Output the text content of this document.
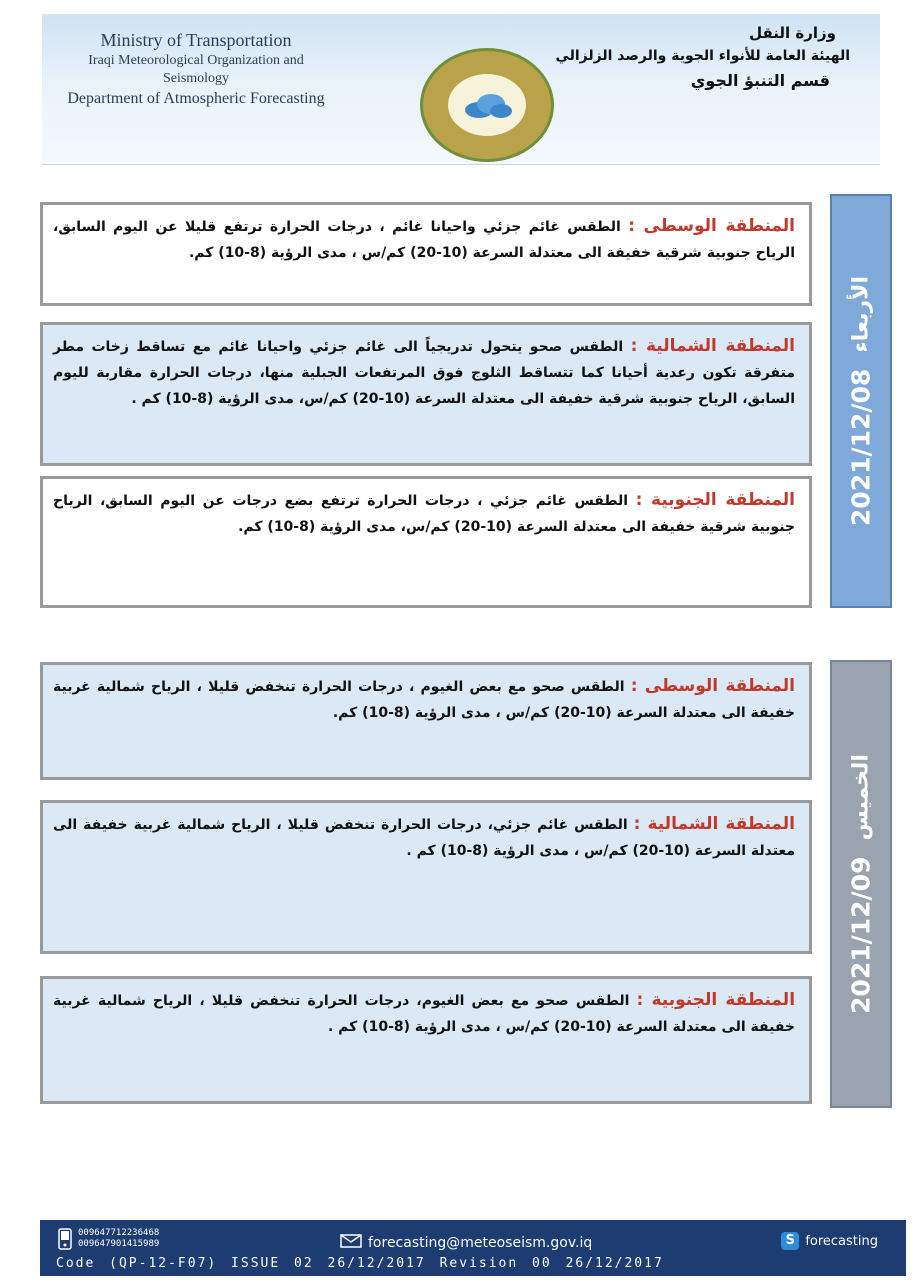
Ministry of Transportation
Iraqi Meteorological Organization and Seismology
Department of Atmospheric Forecasting
وزارة النقل
الهيئة العامة للأنواء الجوية والرصد الزلزالي
قسم التنبؤ الجوي
2021/12/08
الأربعاء
المنطقة الوسطى : الطقس غائم جزئي واحيانا غائم ، درجات الحرارة ترتفع قليلا عن اليوم السابق، الرياح جنوبية شرقية خفيفة الى معتدلة السرعة (10-20) كم/س ، مدى الرؤية (8-10) كم.
المنطقة الشمالية : الطقس صحو يتحول تدريجياً الى غائم جزئي واحيانا غائم مع تساقط زخات مطر متفرقة تكون رعدية أحيانا كما تتساقط الثلوج فوق المرتفعات الجبلية منها، درجات الحرارة مقاربة لليوم السابق، الرياح جنوبية شرقية خفيفة الى معتدلة السرعة (10-20) كم/س، مدى الرؤية (8-10) كم .
المنطقة الجنوبية : الطقس غائم جزئي ، درجات الحرارة ترتفع بضع درجات عن اليوم السابق، الرياح جنوبية شرقية خفيفة الى معتدلة السرعة (10-20) كم/س، مدى الرؤية (8-10) كم.
2021/12/09
الخميس
المنطقة الوسطى : الطقس صحو مع بعض الغيوم ، درجات الحرارة تنخفض قليلا ، الرياح شمالية غربية خفيفة الى معتدلة السرعة (10-20) كم/س ، مدى الرؤية (8-10) كم.
المنطقة الشمالية : الطقس غائم جزئي، درجات الحرارة تنخفض قليلا ، الرياح شمالية غربية خفيفة الى معتدلة السرعة (10-20) كم/س ، مدى الرؤية (8-10) كم .
المنطقة الجنوبية : الطقس صحو مع بعض الغيوم، درجات الحرارة تنخفض قليلا ، الرياح شمالية غربية خفيفة الى معتدلة السرعة (10-20) كم/س ، مدى الرؤية (8-10) كم .
009647712236468
009647901415989	forecasting@meteoseism.gov.iq	S forecasting
Code (QP-12-F07) ISSUE 02 26/12/2017 Revision 00 26/12/2017
